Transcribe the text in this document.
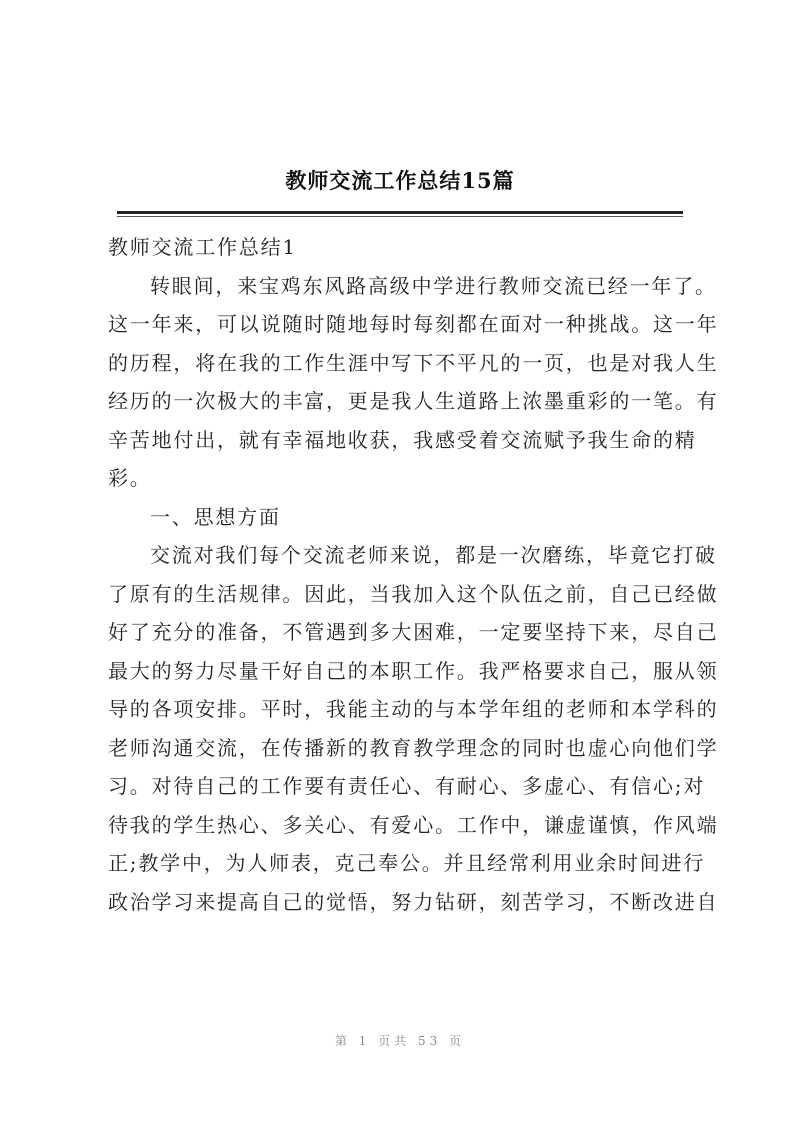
教师交流工作总结15篇

教师交流工作总结1

转眼间，来宝鸡东风路高级中学进行教师交流已经一年了。

这一年来，可以说随时随地每时每刻都在面对一种挑战。这一年

的历程，将在我的工作生涯中写下不平凡的一页，也是对我人生

经历的一次极大的丰富，更是我人生道路上浓墨重彩的一笔。有

辛苦地付出，就有幸福地收获，我感受着交流赋予我生命的精

彩。

一、思想方面

交流对我们每个交流老师来说，都是一次磨练，毕竟它打破

了原有的生活规律。因此，当我加入这个队伍之前，自己已经做

好了充分的准备，不管遇到多大困难，一定要坚持下来，尽自己

最大的努力尽量干好自己的本职工作。我严格要求自己，服从领

导的各项安排。平时，我能主动的与本学年组的老师和本学科的

老师沟通交流，在传播新的教育教学理念的同时也虚心向他们学

习。对待自己的工作要有责任心、有耐心、多虚心、有信心;对

待我的学生热心、多关心、有爱心。工作中，谦虚谨慎，作风端

正;教学中，为人师表，克己奉公。并且经常利用业余时间进行

政治学习来提高自己的觉悟，努力钻研，刻苦学习，不断改进自

第 1 页共 53 页
